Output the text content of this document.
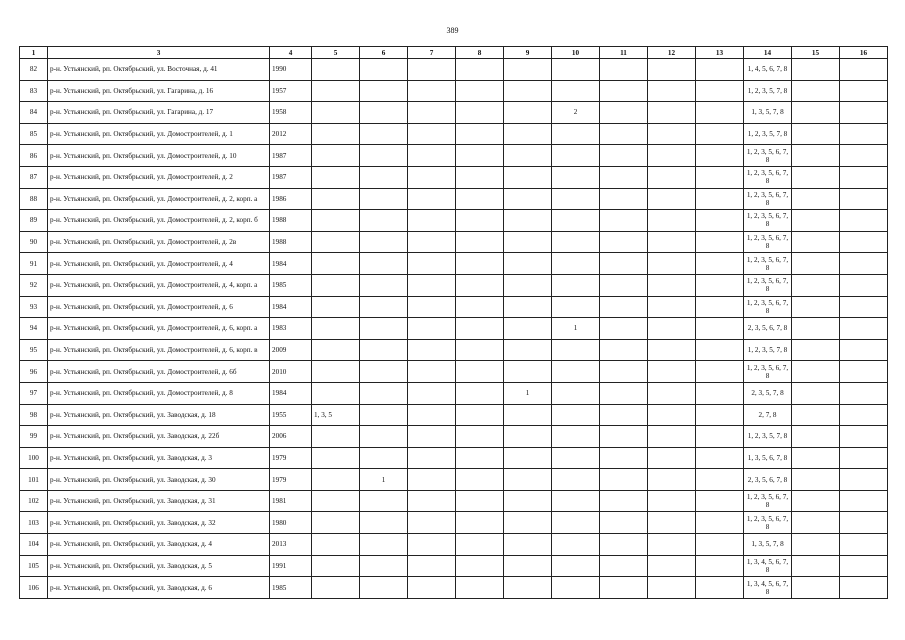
389
1	3	4	5	6	7	8	9	10	11	12	13	14	15	16
82	р-н. Устьянский, рп. Октябрьский, ул. Восточная, д. 41	1990										1, 4, 5, 6, 7, 8		
83	р-н. Устьянский, рп. Октябрьский, ул. Гагарина, д. 16	1957										1, 2, 3, 5, 7, 8		
84	р-н. Устьянский, рп. Октябрьский, ул. Гагарина, д. 17	1958						2				1, 3, 5, 7, 8		
85	р-н. Устьянский, рп. Октябрьский, ул. Домостроителей, д. 1	2012										1, 2, 3, 5, 7, 8		
86	р-н. Устьянский, рп. Октябрьский, ул. Домостроителей, д. 10	1987										1, 2, 3, 5, 6, 7, 8		
87	р-н. Устьянский, рп. Октябрьский, ул. Домостроителей, д. 2	1987										1, 2, 3, 5, 6, 7, 8		
88	р-н. Устьянский, рп. Октябрьский, ул. Домостроителей, д. 2, корп. а	1986										1, 2, 3, 5, 6, 7, 8		
89	р-н. Устьянский, рп. Октябрьский, ул. Домостроителей, д. 2, корп. б	1988										1, 2, 3, 5, 6, 7, 8		
90	р-н. Устьянский, рп. Октябрьский, ул. Домостроителей, д. 2в	1988										1, 2, 3, 5, 6, 7, 8		
91	р-н. Устьянский, рп. Октябрьский, ул. Домостроителей, д. 4	1984										1, 2, 3, 5, 6, 7, 8		
92	р-н. Устьянский, рп. Октябрьский, ул. Домостроителей, д. 4, корп. а	1985										1, 2, 3, 5, 6, 7, 8		
93	р-н. Устьянский, рп. Октябрьский, ул. Домостроителей, д. 6	1984										1, 2, 3, 5, 6, 7, 8		
94	р-н. Устьянский, рп. Октябрьский, ул. Домостроителей, д. 6, корп. а	1983						1				2, 3, 5, 6, 7, 8		
95	р-н. Устьянский, рп. Октябрьский, ул. Домостроителей, д. 6, корп. в	2009										1, 2, 3, 5, 7, 8		
96	р-н. Устьянский, рп. Октябрьский, ул. Домостроителей, д. 6б	2010										1, 2, 3, 5, 6, 7, 8		
97	р-н. Устьянский, рп. Октябрьский, ул. Домостроителей, д. 8	1984					1					2, 3, 5, 7, 8		
98	р-н. Устьянский, рп. Октябрьский, ул. Заводская, д. 18	1955	1, 3, 5									2, 7, 8		
99	р-н. Устьянский, рп. Октябрьский, ул. Заводская, д. 22б	2006										1, 2, 3, 5, 7, 8		
100	р-н. Устьянский, рп. Октябрьский, ул. Заводская, д. 3	1979										1, 3, 5, 6, 7, 8		
101	р-н. Устьянский, рп. Октябрьский, ул. Заводская, д. 30	1979		1								2, 3, 5, 6, 7, 8		
102	р-н. Устьянский, рп. Октябрьский, ул. Заводская, д. 31	1981										1, 2, 3, 5, 6, 7, 8		
103	р-н. Устьянский, рп. Октябрьский, ул. Заводская, д. 32	1980										1, 2, 3, 5, 6, 7, 8		
104	р-н. Устьянский, рп. Октябрьский, ул. Заводская, д. 4	2013										1, 3, 5, 7, 8		
105	р-н. Устьянский, рп. Октябрьский, ул. Заводская, д. 5	1991										1, 3, 4, 5, 6, 7, 8		
106	р-н. Устьянский, рп. Октябрьский, ул. Заводская, д. 6	1985										1, 3, 4, 5, 6, 7, 8		
